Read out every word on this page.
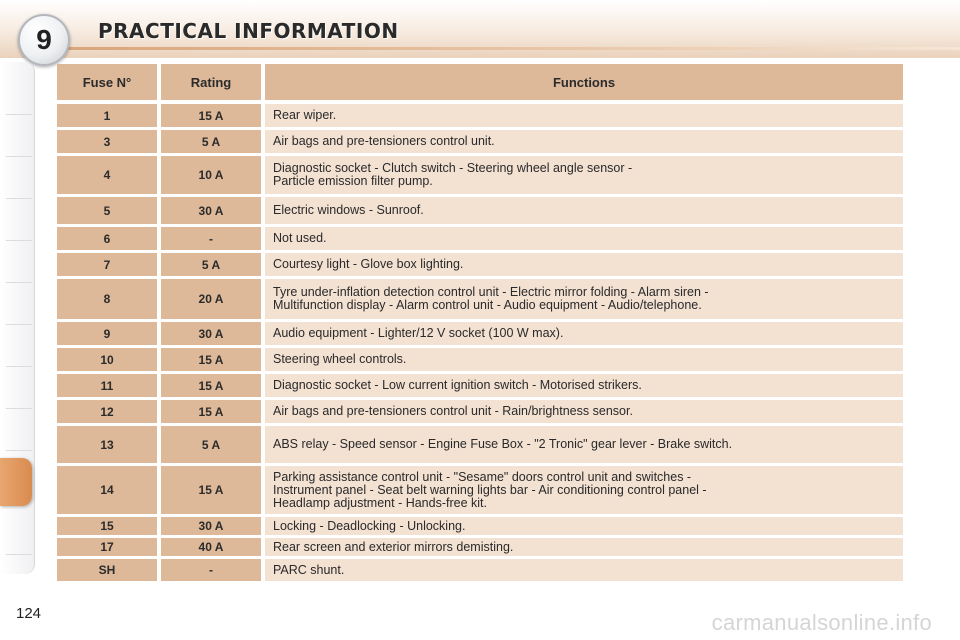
9	PRACTICAL INFORMATION
Fuse N°	Rating	Functions
1	15 A	Rear wiper.
3	5 A	Air bags and pre-tensioners control unit.
4	10 A	Diagnostic socket - Clutch switch - Steering wheel angle sensor -
Particle emission filter pump.
5	30 A	Electric windows - Sunroof.
6	-	Not used.
7	5 A	Courtesy light - Glove box lighting.
8	20 A	Tyre under-inflation detection control unit - Electric mirror folding - Alarm siren -
Multifunction display - Alarm control unit - Audio equipment - Audio/telephone.
9	30 A	Audio equipment - Lighter/12 V socket (100 W max).
10	15 A	Steering wheel controls.
11	15 A	Diagnostic socket - Low current ignition switch - Motorised strikers.
12	15 A	Air bags and pre-tensioners control unit - Rain/brightness sensor.
13	5 A	ABS relay - Speed sensor - Engine Fuse Box - "2 Tronic" gear lever - Brake switch.
14	15 A
Parking assistance control unit - "Sesame" doors control unit and switches -
Instrument panel - Seat belt warning lights bar - Air conditioning control panel -
Headlamp adjustment - Hands-free kit.
15	30 A	Locking - Deadlocking - Unlocking.
17	40 A	Rear screen and exterior mirrors demisting.
SH	-	PARC shunt.
124	carmanualsonline.info
